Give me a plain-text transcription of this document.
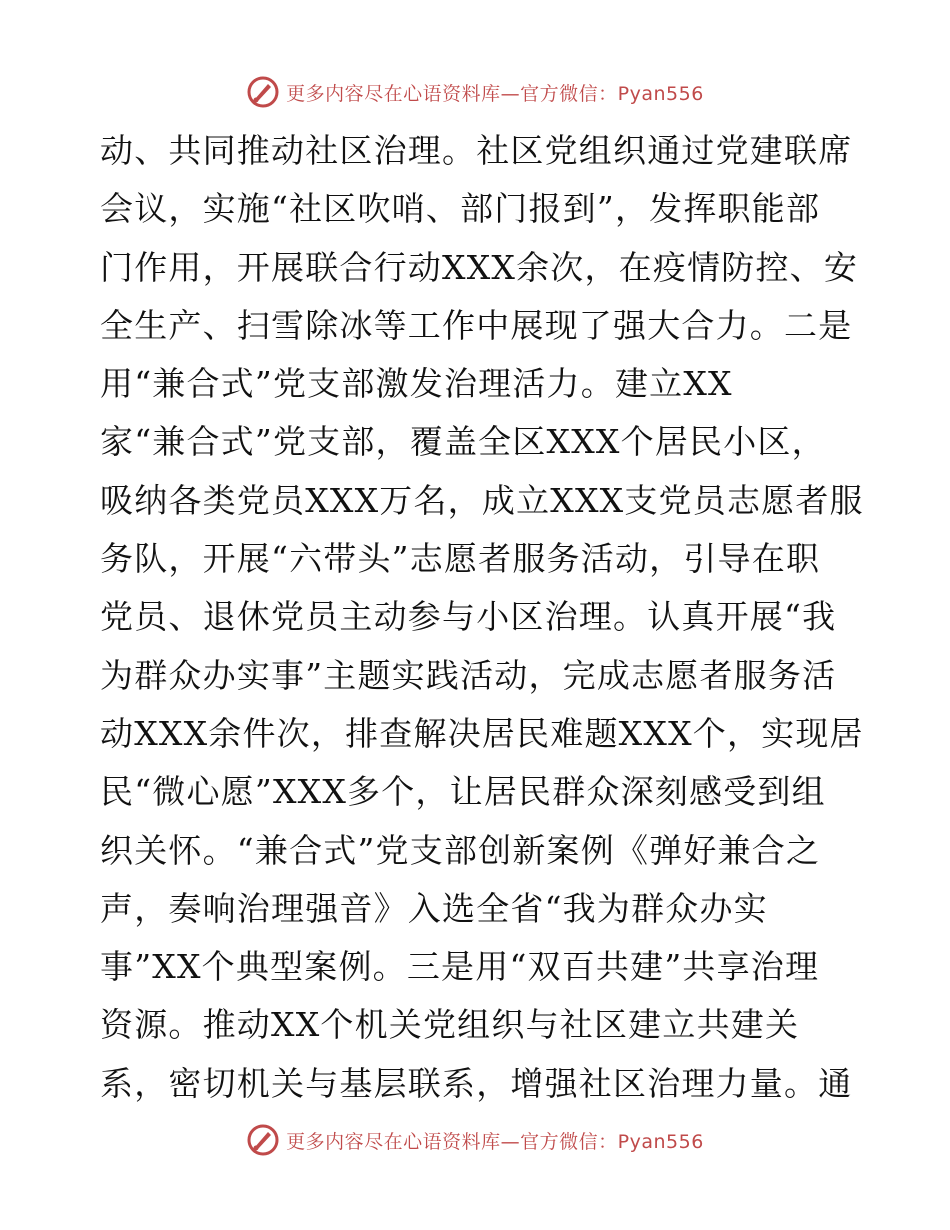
更多内容尽在心语资料库—官方微信：Pyan556
动、共同推动社区治理。社区党组织通过党建联席
会议，实施“社区吹哨、部门报到”，发挥职能部
门作用，开展联合行动XXX余次，在疫情防控、安
全生产、扫雪除冰等工作中展现了强大合力。二是
用“兼合式”党支部激发治理活力。建立XX
家“兼合式”党支部，覆盖全区XXX个居民小区，
吸纳各类党员XXX万名，成立XXX支党员志愿者服
务队，开展“六带头”志愿者服务活动，引导在职
党员、退休党员主动参与小区治理。认真开展“我
为群众办实事”主题实践活动，完成志愿者服务活
动XXX余件次，排查解决居民难题XXX个，实现居
民“微心愿”XXX多个，让居民群众深刻感受到组
织关怀。“兼合式”党支部创新案例《弹好兼合之
声，奏响治理强音》入选全省“我为群众办实
事”XX个典型案例。三是用“双百共建”共享治理
资源。推动XX个机关党组织与社区建立共建关
系，密切机关与基层联系，增强社区治理力量。通
更多内容尽在心语资料库—官方微信：Pyan556
